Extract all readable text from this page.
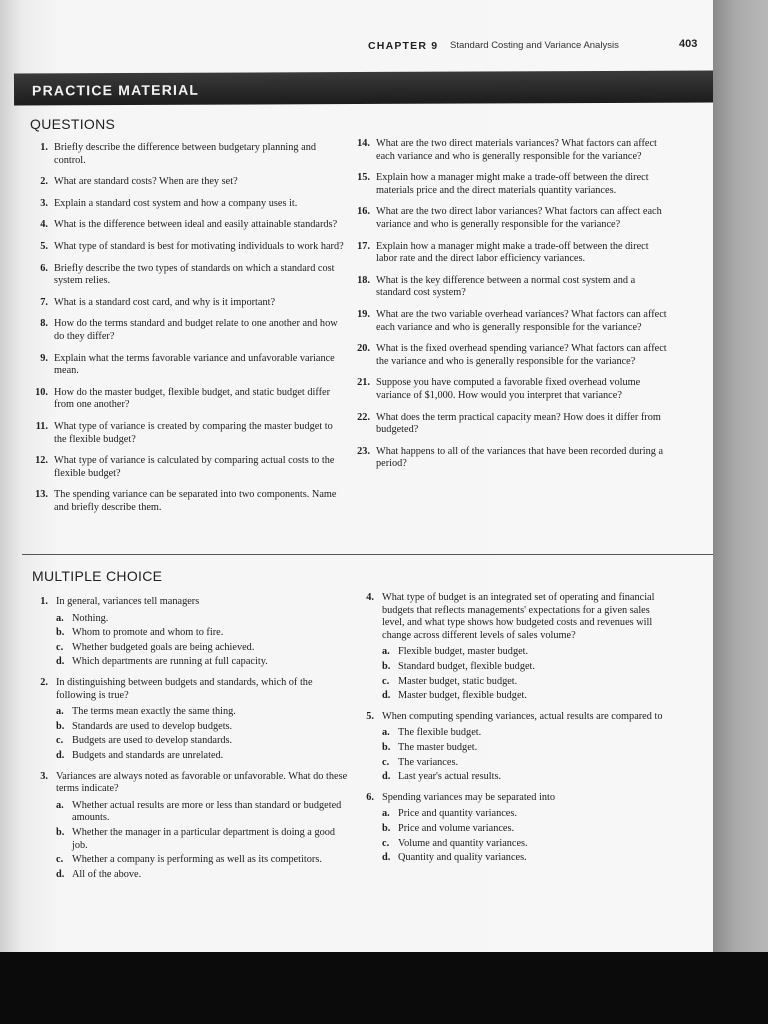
CHAPTER 9 Standard Costing and Variance Analysis	403
PRACTICE MATERIAL
QUESTIONS
1. Briefly describe the difference between budgetary planning and control.
2. What are standard costs? When are they set?
3. Explain a standard cost system and how a company uses it.
4. What is the difference between ideal and easily attainable standards?
5. What type of standard is best for motivating individuals to work hard?
6. Briefly describe the two types of standards on which a standard cost system relies.
7. What is a standard cost card, and why is it important?
8. How do the terms standard and budget relate to one another and how do they differ?
9. Explain what the terms favorable variance and unfavorable variance mean.
10. How do the master budget, flexible budget, and static budget differ from one another?
11. What type of variance is created by comparing the master budget to the flexible budget?
12. What type of variance is calculated by comparing actual costs to the flexible budget?
13. The spending variance can be separated into two components. Name and briefly describe them.
14. What are the two direct materials variances? What factors can affect each variance and who is generally responsible for the variance?
15. Explain how a manager might make a trade-off between the direct materials price and the direct materials quantity variances.
16. What are the two direct labor variances? What factors can affect each variance and who is generally responsible for the variance?
17. Explain how a manager might make a trade-off between the direct labor rate and the direct labor efficiency variances.
18. What is the key difference between a normal cost system and a standard cost system?
19. What are the two variable overhead variances? What factors can affect each variance and who is generally responsible for the variance?
20. What is the fixed overhead spending variance? What factors can affect the variance and who is generally responsible for the variance?
21. Suppose you have computed a favorable fixed overhead volume variance of $1,000. How would you interpret that variance?
22. What does the term practical capacity mean? How does it differ from budgeted?
23. What happens to all of the variances that have been recorded during a period?
MULTIPLE CHOICE
1. In general, variances tell managers
a. Nothing.
b. Whom to promote and whom to fire.
c. Whether budgeted goals are being achieved.
d. Which departments are running at full capacity.
2. In distinguishing between budgets and standards, which of the following is true?
a. The terms mean exactly the same thing.
b. Standards are used to develop budgets.
c. Budgets are used to develop standards.
d. Budgets and standards are unrelated.
3. Variances are always noted as favorable or unfavorable. What do these terms indicate?
a. Whether actual results are more or less than standard or budgeted amounts.
b. Whether the manager in a particular department is doing a good job.
c. Whether a company is performing as well as its competitors.
d. All of the above.
4. What type of budget is an integrated set of operating and financial budgets that reflects managements' expectations for a given sales level, and what type shows how budgeted costs and revenues will change across different levels of sales volume?
a. Flexible budget, master budget.
b. Standard budget, flexible budget.
c. Master budget, static budget.
d. Master budget, flexible budget.
5. When computing spending variances, actual results are compared to
a. The flexible budget.
b. The master budget.
c. The variances.
d. Last year's actual results.
6. Spending variances may be separated into
a. Price and quantity variances.
b. Price and volume variances.
c. Volume and quantity variances.
d. Quantity and quality variances.
